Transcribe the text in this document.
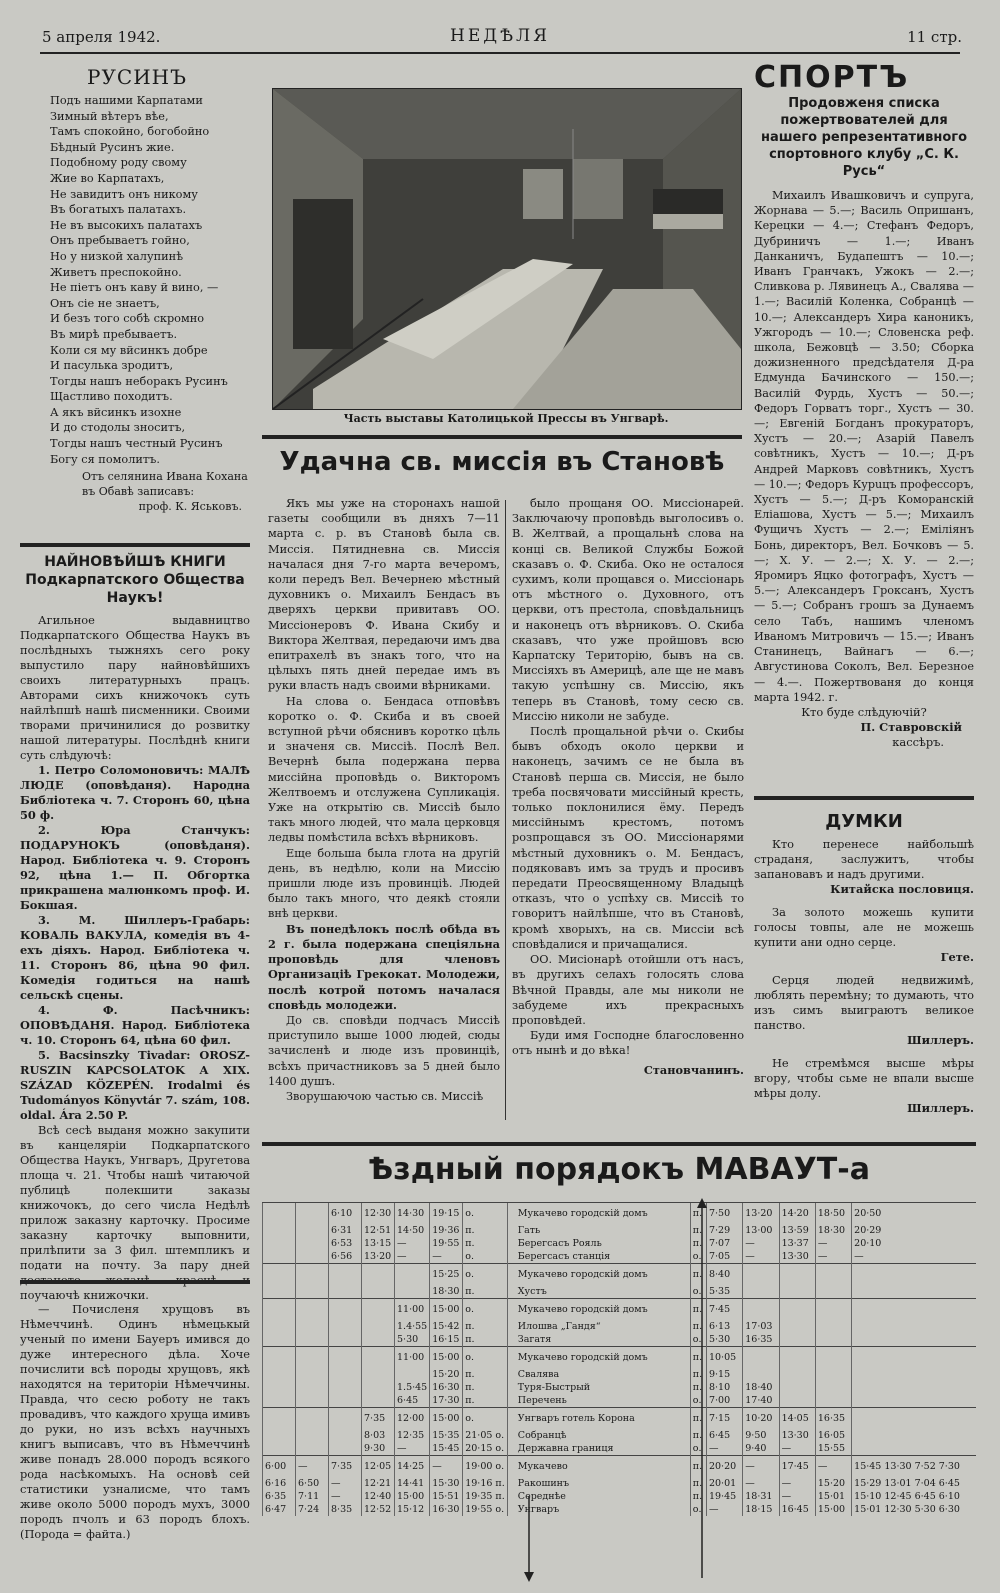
5 апреля 1942.	НЕДѢЛЯ	11 стр.
РУСИНЪ
Подъ нашими Карпатами
Зимный вѣтеръ вѣе,
Тамъ спокойно, богобойно
Бѣдный Русинъ жие.
Подобному роду свому
Жие во Карпатахъ,
Не завидитъ онъ никому
Въ богатыхъ палатахъ.
Не въ высокихъ палатахъ
Онъ пребываетъ гойно,
Но у низкой халупинѣ
Живетъ преспокойно.
Не пiетъ онъ каву й вино, —
Онъ сiе не знаетъ,
И безъ того собѣ скромно
Въ мирѣ пребываетъ.
Коли ся му вйсинкъ добре
И пасулька зродитъ,
Тогды нашъ неборакъ Русинъ
Щастливо походитъ.
А якъ вйсинкъ изохне
И до стодолы зноситъ,
Тогды нашъ честный Русинъ
Богу ся помолитъ.
Отъ селянина Ивана Кохана въ Обавѣ записавъ:
проф. К. Яськовъ.
НАЙНОВѢЙШѢ КНИГИ Подкарпатского Общества Наукъ!

Агильное выдавництво Подкарпатского Общества Наукъ въ послѣдныхъ тыжняхъ сего року выпустило пару найновѣйшихъ своихъ литературныхъ працъ. Авторами сихъ книжочокъ суть найлѣпшѣ нашѣ писменники. Своими творами причинилися до розвитку нашой литературы. Послѣднѣ книги суть слѣдуючѣ:

1. Петро Соломоновичъ: МАЛѢ ЛЮДЕ (оповѣданя). Народна Библiотека ч. 7. Сторонъ 60, цѣна 50 ф.

2. Юра Станчукъ: ПОДАРУНОКЪ (оповѣданя). Народ. Библiотека ч. 9. Сторонъ 92, цѣна 1.— П. Обгортка прикрашена малюнкомъ проф. И. Бокшая.

3. М. Шиллеръ-Грабарь: КОВАЛЬ ВАКУЛА, комедiя въ 4-ехъ дiяхъ. Народ. Библiотека ч. 11. Сторонъ 86, цѣна 90 фил. Комедiя годиться на нашѣ сельскѣ сцены.

4. Ф. Пасѣчникъ: ОПОВѢДАНЯ. Народ. Библiотека ч. 10. Сторонъ 64, цѣна 60 фил.

5. Bacsinszky Tivadar: OROSZ-RUSZIN KAPCSOLATOK A XIX. SZÁZAD KÖZEPÉN. Irodalmi és Tudományos Könyvtár 7. szám, 108. oldal. Ára 2.50 P.

Всѣ сесѣ выданя можно закупити въ канцелярiи Подкарпатского Общества Наукъ, Унгваръ, Другетова площа ч. 21. Чтобы нашѣ читаючой публицѣ полекшити заказы книжочокъ, до сего числа Недѣлѣ прилож заказну карточку. Просиме заказну карточку выповнити, прилѣпити за 3 фил. штемпликъ и подати на почту. За пару дней достанете желанѣ краснѣ и поучаючѣ книжочки.

— Почисленя хрущовъ въ Нѣмеччинѣ. Одинъ нѣмецькый ученый по имени Бауеръ имився до дуже интересного дѣла. Хоче почислити всѣ породы хрущовъ, якѣ находятся на територiи Нѣмеччины. Правда, что сесю роботу не такъ провадивъ, что каждого хруща имивъ до руки, но изъ всѣхъ научныхъ книгъ выписавъ, что въ Нѣмеччинѣ живе понадъ 28.000 породъ всякого рода насѣкомыхъ. На основѣ сей статистики узналисме, что тамъ живе около 5000 породъ мухъ, 3000 породъ пчолъ и 63 породъ блохъ. (Порода = файта.)

Часть выставы Католицькой Прессы въ Унгварѣ.
Удачна св. миссiя въ Становѣ

Якъ мы уже на сторонахъ нашой газеты сообщили въ дняхъ 7—11 марта с. р. въ Становѣ была св. Миссiя. Пятидневна св. Миссiя началася дня 7-го марта вечеромъ, коли передъ Вел. Вечернею мѣстный духовникъ о. Михаилъ Бендасъ въ дверяхъ церкви привитавъ ОО. Миссiонеровъ Ф. Ивана Скибу и Виктора Желтвая, передаючи имъ два епитрахелѣ въ знакъ того, что на цѣлыхъ пять дней передае имъ въ руки власть надъ своими вѣрниками.

На слова о. Бендаса отповѣвъ коротко о. Ф. Скиба и въ своей вступной рѣчи обяснивъ коротко цѣль и значеня св. Миссiѣ. Послѣ Вел. Вечернѣ была подержана перва миссiйна проповѣдь о. Викторомъ Желтвоемъ и отслужена Супликацiя. Уже на открытiю св. Миссiѣ было такъ много людей, что мала церковця ледвы помѣстила всѣхъ вѣрниковъ.

Еще больша была глота на другiй день, въ недѣлю, коли на Миссiю пришли люде изъ провинцiѣ. Людей было такъ много, что деякѣ стояли внѣ церкви.

Въ понедѣлокъ послѣ обѣда въ 2 г. была подержана спецiяльна проповѣдь для членовъ Организацiѣ Грекокат. Молодежи, послѣ котрой потомъ началася сповѣдь молодежи.

До св. сповѣди подчасъ Миссiѣ приступило выше 1000 людей, сюды зачисленѣ и люде изъ провинцiѣ, всѣхъ причастниковъ за 5 дней было 1400 душъ.

Зворушаючою частью св. Миссiѣ

было прощаня ОО. Миссiонарей. Заключаючу проповѣдь выголосивъ о. В. Желтвай, а прощальнѣ слова на концi св. Великой Службы Божой сказавъ о. Ф. Скиба. Око не осталося сухимъ, коли прощався о. Миссiонарь отъ мѣстного о. Духовного, отъ церкви, отъ престола, сповѣдальницъ и наконецъ отъ вѣрниковъ. О. Скиба сказавъ, что уже пройшовъ всю Карпатску Територiю, бывъ на св. Миссiяхъ въ Америцѣ, але ще не мавъ такую успѣшну св. Миссiю, якъ теперь въ Становѣ, тому сесю св. Миссiю николи не забуде.

Послѣ прощальной рѣчи о. Скибы бывъ обходъ около церкви и наконецъ, зачимъ се не была въ Становѣ перша св. Миссiя, не было треба посвячовати миссiйный кресть, только поклонилися ёму. Передъ миссiйнымъ крестомъ, потомъ розпрощався зъ ОО. Миссiонарями мѣстный духовникъ о. М. Бендасъ, подяковавъ имъ за трудъ и просивъ передати Преосвященному Владыцѣ отказъ, что о успѣху св. Миссiѣ то говоритъ найлѣпше, что въ Становѣ, кромѣ хворыхъ, на св. Миссiи всѣ сповѣдалися и причащалися.

ОО. Мисiонарѣ отойшли отъ насъ, въ другихъ селахъ голосять слова Вѣчной Правды, але мы николи не забудеме ихъ прекрасныхъ проповѣдей.

Буди имя Господне благословенно отъ нынѣ и до вѣка!

Становчанинъ.
СПОРТЪ
Продовженя списка пожертвователей для нашего репрезентативного спортовного клубу „С. К. Русь“

Михаилъ Ивашковичъ и супруга, Жорнава — 5.—; Василь Опришанъ, Керецки — 4.—; Стефанъ Федоръ, Дубриничъ — 1.—; Иванъ Данканичъ, Будапештъ — 10.—; Иванъ Гранчакъ, Ужокъ — 2.—; Сливкова р. Лявинецъ А., Свалява — 1.—; Василiй Коленка, Собранцѣ — 10.—; Александеръ Хира каноникъ, Ужгородъ — 10.—; Словенска реф. школа, Бежовцѣ — 3.50; Сборка дожизненного предсѣдателя Д-ра Едмунда Бачинского — 150.—; Василiй Фурдь, Хустъ — 50.—; Федоръ Горватъ торг., Хустъ — 30.—; Евгенiй Богданъ прокураторъ, Хустъ — 20.—; Азарiй Павелъ совѣтникъ, Хустъ — 10.—; Д-ръ Андрей Марковъ совѣтникъ, Хустъ — 10.—; Федоръ Курuцъ профессоръ, Хустъ — 5.—; Д-ръ Коморанскiй Елiашова, Хустъ — 5.—; Михаилъ Фущичъ Хустъ — 2.—; Емiлiянъ Бонь, директоръ, Вел. Бочковъ — 5.—; Х. У. — 2.—; Х. У. — 2.—; Яромиръ Яцко фотографъ, Хустъ — 5.—; Александеръ Гроксанъ, Хустъ — 5.—; Собранъ грошъ за Дунаемъ село Табъ, нашимъ членомъ Иваномъ Митровичъ — 15.—; Иванъ Станинецъ, Вайнагъ — 6.—; Августинова Соколъ, Вел. Березное — 4.—. Пожертвованя до конця марта 1942. г.

Кто буде слѣдуючiй?
П. Ставровскiй
кассѣръ.
ДУМКИ

Кто перенесе найбольшѣ страданя, заслужитъ, чтобы запановавъ и надъ другими.

Китайска пословиця.

За золото можешь купити голосы товпы, але не можешь купити ани одно серце.

Гете.

Серця людей недвижимѣ, люблять перемѣну; то думають, что изъ симъ выиграютъ великое панство.

Шиллеръ.

Не стремѣмся высше мѣры вгору, чтобы сьме не впали высше мѣры долу.

Шиллеръ.
Ѣздный порядокъ МАВАУТ-а
		6·10	12·30	14·30	19·15	о.	Мукачево городскiй домъ	п.	7·50	13·20	14·20	18·50	20·50
		6·31	12·51	14·50	19·36	п.	Гать	п.	7·29	13·00	13·59	18·30	20·29
		6·53	13·15	—	19·55	п.	Берегсасъ Рояль	п.	7·07	—	13·37	—	20·10
		6·56	13·20	—	—	о.	Берегсасъ станцiя	о.	7·05	—	13·30	—	—
					15·25	о.	Мукачево городскiй домъ	п.	8·40				
					18·30	п.	Хустъ	о.	5·35				
				11·00	15·00	о.	Мукачево городскiй домъ	п.	7·45				
				1.4·55	15·42	п.	Илошва „Гандя“	п.	6·13	17·03			
				5·30	16·15	п.	Загатя	о.	5·30	16·35			
				11·00	15·00	о.	Мукачево городскiй домъ	п.	10·05				
					15·20	п.	Свалява	п.	9·15				
				1.5·45	16·30	п.	Туря-Быстрый	п.	8·10	18·40			
				6·45	17·30	п.	Перечень	о.	7·00	17·40			
			7·35	12·00	15·00	о.	Унгваръ готель Корона	п.	7·15	10·20	14·05	16·35	
			8·03	12·35	15·35	21·05 о.	Собранцѣ	п.	6·45	9·50	13·30	16·05	
			9·30	—	15·45	20·15 о.	Державна границя	о.	—	9·40	—	15·55	
6·00	—	7·35	12·05	14·25	—	19·00 о.	Мукачево	п.	20·20	—	17·45	—	15·45 13·30 7·52 7·30
6·16	6·50	—	12·21	14·41	15·30	19·16 п.	Ракошинъ	п.	20·01	—	—	15·20	15·29 13·01 7·04 6·45
6·35	7·11	—	12·40	15·00	15·51	19·35 п.	Середнѣе	п.	19·45	18·31	—	15·01	15·10 12·45 6·45 6·10
6·47	7·24	8·35	12·52	15·12	16·30	19·55 о.	Унгваръ	о.	—	18·15	16·45	15·00	15·01 12·30 5·30 6·30
